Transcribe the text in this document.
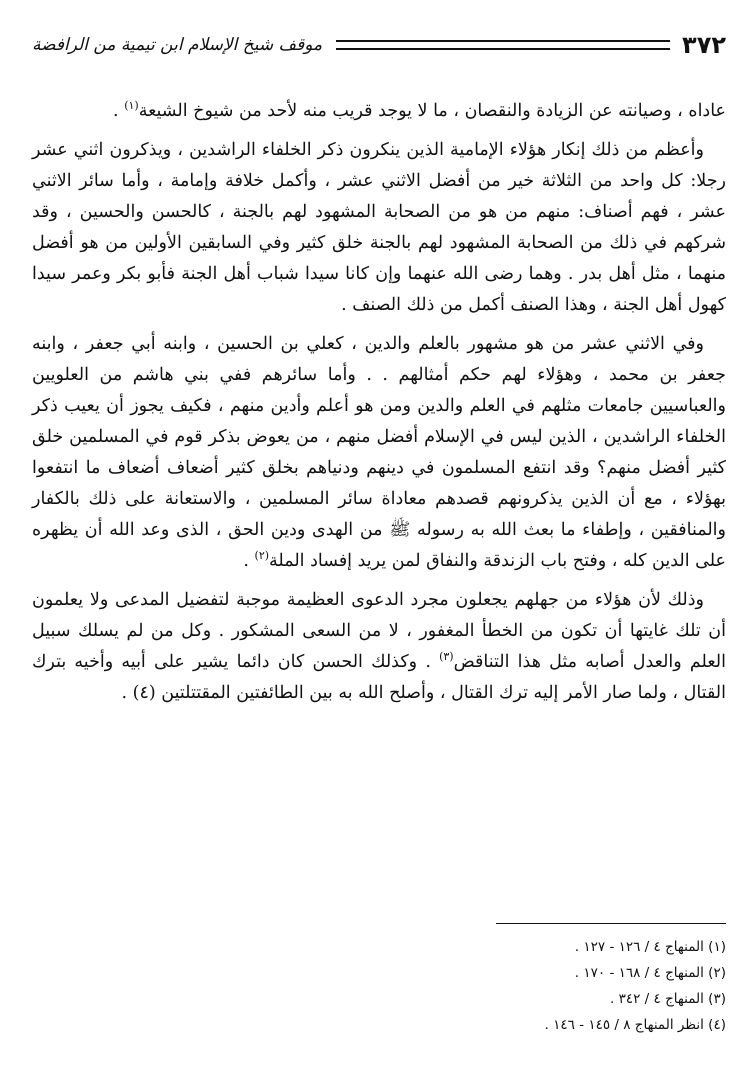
موقف شيخ الإسلام ابن تيمية من الرافضة	٣٧٢

عاداه ، وصيانته عن الزيادة والنقصان ، ما لا يوجد قريب منه لأحد من شيوخ الشيعة$^{(١)}$ .

وأعظم من ذلك إنكار هؤلاء الإمامية الذين ينكرون ذكر الخلفاء الراشدين ، ويذكرون اثني عشر رجلا: كل واحد من الثلاثة خير من أفضل الاثني عشر ، وأكمل خلافة وإمامة ، وأما سائر الاثني عشر ، فهم أصناف: منهم من هو من الصحابة المشهود لهم بالجنة ، كالحسن والحسين ، وقد شركهم في ذلك من الصحابة المشهود لهم بالجنة خلق كثير وفي السابقين الأولين من هو أفضل منهما ، مثل أهل بدر . وهما رضى الله عنهما وإن كانا سيدا شباب أهل الجنة فأبو بكر وعمر سيدا كهول أهل الجنة ، وهذا الصنف أكمل من ذلك الصنف .

وفي الاثني عشر من هو مشهور بالعلم والدين ، كعلي بن الحسين ، وابنه أبي جعفر ، وابنه جعفر بن محمد ، وهؤلاء لهم حكم أمثالهم . . وأما سائرهم ففي بني هاشم من العلويين والعباسيين جامعات مثلهم في العلم والدين ومن هو أعلم وأدين منهم ، فكيف يجوز أن يعيب ذكر الخلفاء الراشدين ، الذين ليس في الإسلام أفضل منهم ، من يعوض بذكر قوم في المسلمين خلق كثير أفضل منهم؟ وقد انتفع المسلمون في دينهم ودنياهم بخلق كثير أضعاف أضعاف ما انتفعوا بهؤلاء ، مع أن الذين يذكرونهم قصدهم معاداة سائر المسلمين ، والاستعانة على ذلك بالكفار والمنافقين ، وإطفاء ما بعث الله به رسوله ﷺ من الهدى ودين الحق ، الذى وعد الله أن يظهره على الدين كله ، وفتح باب الزندقة والنفاق لمن يريد إفساد الملة$^{(٢)}$ .

وذلك لأن هؤلاء من جهلهم يجعلون مجرد الدعوى العظيمة موجبة لتفضيل المدعى ولا يعلمون أن تلك غايتها أن تكون من الخطأ المغفور ، لا من السعى المشكور . وكل من لم يسلك سبيل العلم والعدل أصابه مثل هذا التناقض$^{(٣)}$ . وكذلك الحسن كان دائما يشير على أبيه وأخيه بترك القتال ، ولما صار الأمر إليه ترك القتال ، وأصلح الله به بين الطائفتين المقتتلتين (٤) .

(١) المنهاج ٤ / ١٢٦ - ١٢٧ .
(٢) المنهاج ٤ / ١٦٨ - ١٧٠ .
(٣) المنهاج ٤ / ٣٤٢ .
(٤) انظر المنهاج ٨ / ١٤٥ - ١٤٦ .
